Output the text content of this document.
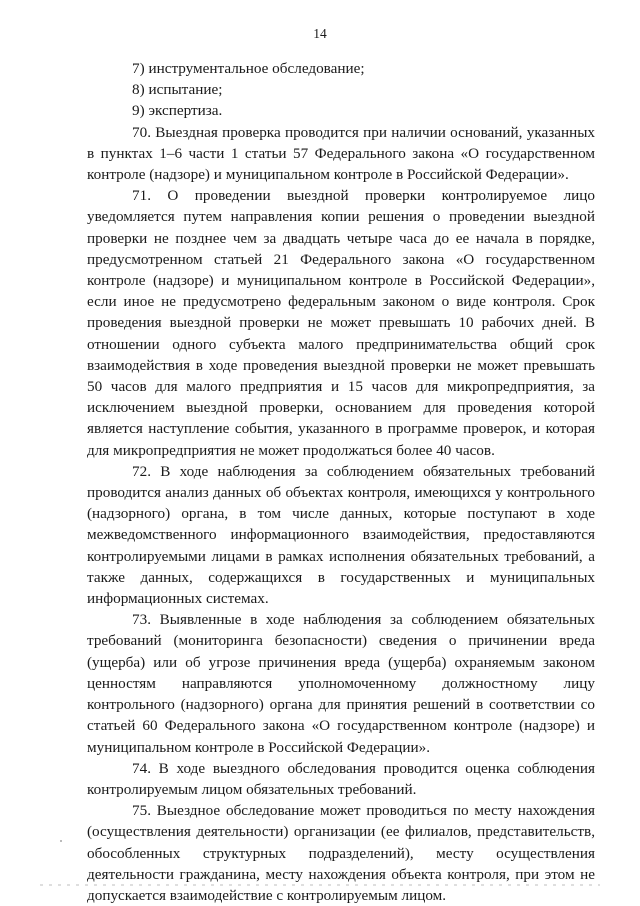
14

7) инструментальное обследование;

8) испытание;

9) экспертиза.

70. Выездная проверка проводится при наличии оснований, указанных в пунктах 1–6 части 1 статьи 57 Федерального закона «О государственном контроле (надзоре) и муниципальном контроле в Российской Федерации».

71. О проведении выездной проверки контролируемое лицо уведомляется путем направления копии решения о проведении выездной проверки не позднее чем за двадцать четыре часа до ее начала в порядке, предусмотренном статьей 21 Федерального закона «О государственном контроле (надзоре) и муниципальном контроле в Российской Федерации», если иное не предусмотрено федеральным законом о виде контроля. Срок проведения выездной проверки не может превышать 10 рабочих дней. В отношении одного субъекта малого предпринимательства общий срок взаимодействия в ходе проведения выездной проверки не может превышать 50 часов для малого предприятия и 15 часов для микропредприятия, за исключением выездной проверки, основанием для проведения которой является наступление события, указанного в программе проверок, и которая для микропредприятия не может продолжаться более 40 часов.

72. В ходе наблюдения за соблюдением обязательных требований проводится анализ данных об объектах контроля, имеющихся у контрольного (надзорного) органа, в том числе данных, которые поступают в ходе межведомственного информационного взаимодействия, предоставляются контролируемыми лицами в рамках исполнения обязательных требований, а также данных, содержащихся в государственных и муниципальных информационных системах.

73. Выявленные в ходе наблюдения за соблюдением обязательных требований (мониторинга безопасности) сведения о причинении вреда (ущерба) или об угрозе причинения вреда (ущерба) охраняемым законом ценностям направляются уполномоченному должностному лицу контрольного (надзорного) органа для принятия решений в соответствии со статьей 60 Федерального закона «О государственном контроле (надзоре) и муниципальном контроле в Российской Федерации».

74. В ходе выездного обследования проводится оценка соблюдения контролируемым лицом обязательных требований.

75. Выездное обследование может проводиться по месту нахождения (осуществления деятельности) организации (ее филиалов, представительств, обособленных структурных подразделений), месту осуществления деятельности гражданина, месту нахождения объекта контроля, при этом не допускается взаимодействие с контролируемым лицом.
